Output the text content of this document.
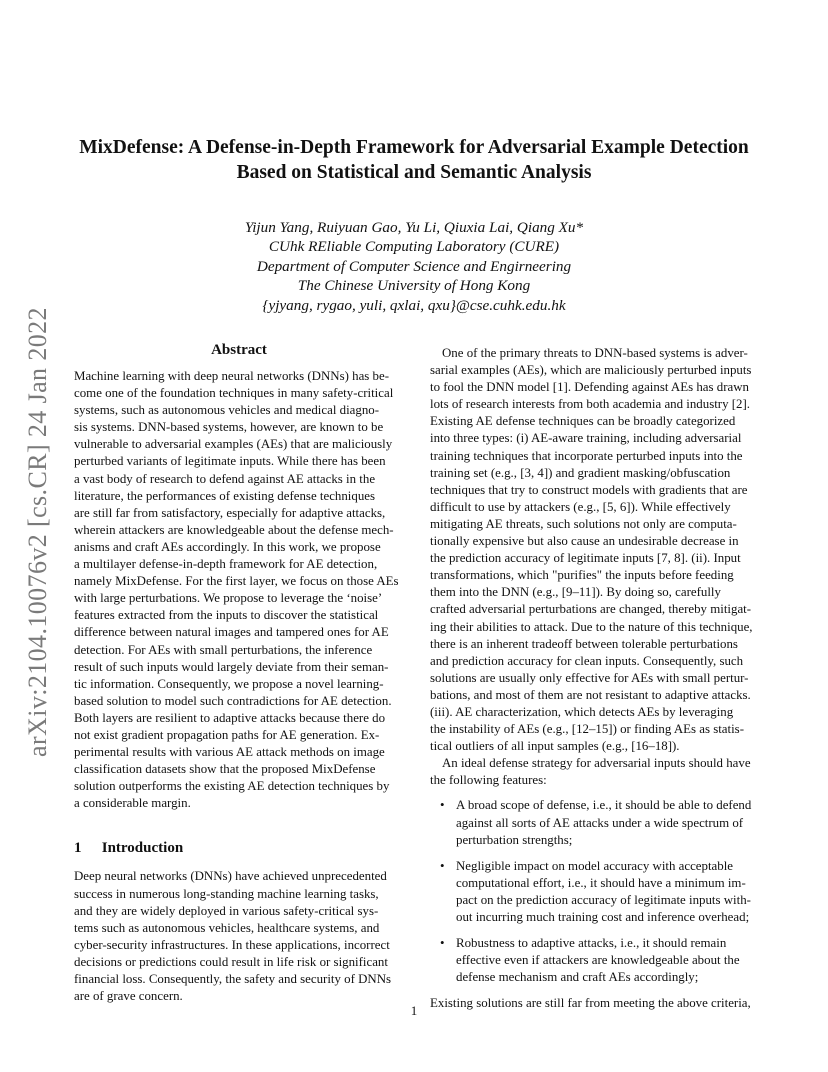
arXiv:2104.10076v2 [cs.CR] 24 Jan 2022
MixDefense: A Defense-in-Depth Framework for Adversarial Example Detection
Based on Statistical and Semantic Analysis
Yijun Yang, Ruiyuan Gao, Yu Li, Qiuxia Lai, Qiang Xu*
CUhk REliable Computing Laboratory (CURE)
Department of Computer Science and Engirneering
The Chinese University of Hong Kong
{yjyang, rygao, yuli, qxlai, qxu}@cse.cuhk.edu.hk
Abstract
Machine learning with deep neural networks (DNNs) has be-
come one of the foundation techniques in many safety-critical
systems, such as autonomous vehicles and medical diagno-
sis systems. DNN-based systems, however, are known to be
vulnerable to adversarial examples (AEs) that are maliciously
perturbed variants of legitimate inputs. While there has been
a vast body of research to defend against AE attacks in the
literature, the performances of existing defense techniques
are still far from satisfactory, especially for adaptive attacks,
wherein attackers are knowledgeable about the defense mech-
anisms and craft AEs accordingly. In this work, we propose
a multilayer defense-in-depth framework for AE detection,
namely MixDefense. For the first layer, we focus on those AEs
with large perturbations. We propose to leverage the ‘noise’
features extracted from the inputs to discover the statistical
difference between natural images and tampered ones for AE
detection. For AEs with small perturbations, the inference
result of such inputs would largely deviate from their seman-
tic information. Consequently, we propose a novel learning-
based solution to model such contradictions for AE detection.
Both layers are resilient to adaptive attacks because there do
not exist gradient propagation paths for AE generation. Ex-
perimental results with various AE attack methods on image
classification datasets show that the proposed MixDefense
solution outperforms the existing AE detection techniques by
a considerable margin.
1 Introduction
Deep neural networks (DNNs) have achieved unprecedented
success in numerous long-standing machine learning tasks,
and they are widely deployed in various safety-critical sys-
tems such as autonomous vehicles, healthcare systems, and
cyber-security infrastructures. In these applications, incorrect
decisions or predictions could result in life risk or significant
financial loss. Consequently, the safety and security of DNNs
are of grave concern.
One of the primary threats to DNN-based systems is adver-
sarial examples (AEs), which are maliciously perturbed inputs
to fool the DNN model [1]. Defending against AEs has drawn
lots of research interests from both academia and industry [2].
Existing AE defense techniques can be broadly categorized
into three types: (i) AE-aware training, including adversarial
training techniques that incorporate perturbed inputs into the
training set (e.g., [3, 4]) and gradient masking/obfuscation
techniques that try to construct models with gradients that are
difficult to use by attackers (e.g., [5, 6]). While effectively
mitigating AE threats, such solutions not only are computa-
tionally expensive but also cause an undesirable decrease in
the prediction accuracy of legitimate inputs [7, 8]. (ii). Input
transformations, which "purifies" the inputs before feeding
them into the DNN (e.g., [9–11]). By doing so, carefully
crafted adversarial perturbations are changed, thereby mitigat-
ing their abilities to attack. Due to the nature of this technique,
there is an inherent tradeoff between tolerable perturbations
and prediction accuracy for clean inputs. Consequently, such
solutions are usually only effective for AEs with small pertur-
bations, and most of them are not resistant to adaptive attacks.
(iii). AE characterization, which detects AEs by leveraging
the instability of AEs (e.g., [12–15]) or finding AEs as statis-
tical outliers of all input samples (e.g., [16–18]).
An ideal defense strategy for adversarial inputs should have
the following features:
• A broad scope of defense, i.e., it should be able to defend
against all sorts of AE attacks under a wide spectrum of
perturbation strengths;
• Negligible impact on model accuracy with acceptable
computational effort, i.e., it should have a minimum im-
pact on the prediction accuracy of legitimate inputs with-
out incurring much training cost and inference overhead;
• Robustness to adaptive attacks, i.e., it should remain
effective even if attackers are knowledgeable about the
defense mechanism and craft AEs accordingly;
Existing solutions are still far from meeting the above criteria,
1
